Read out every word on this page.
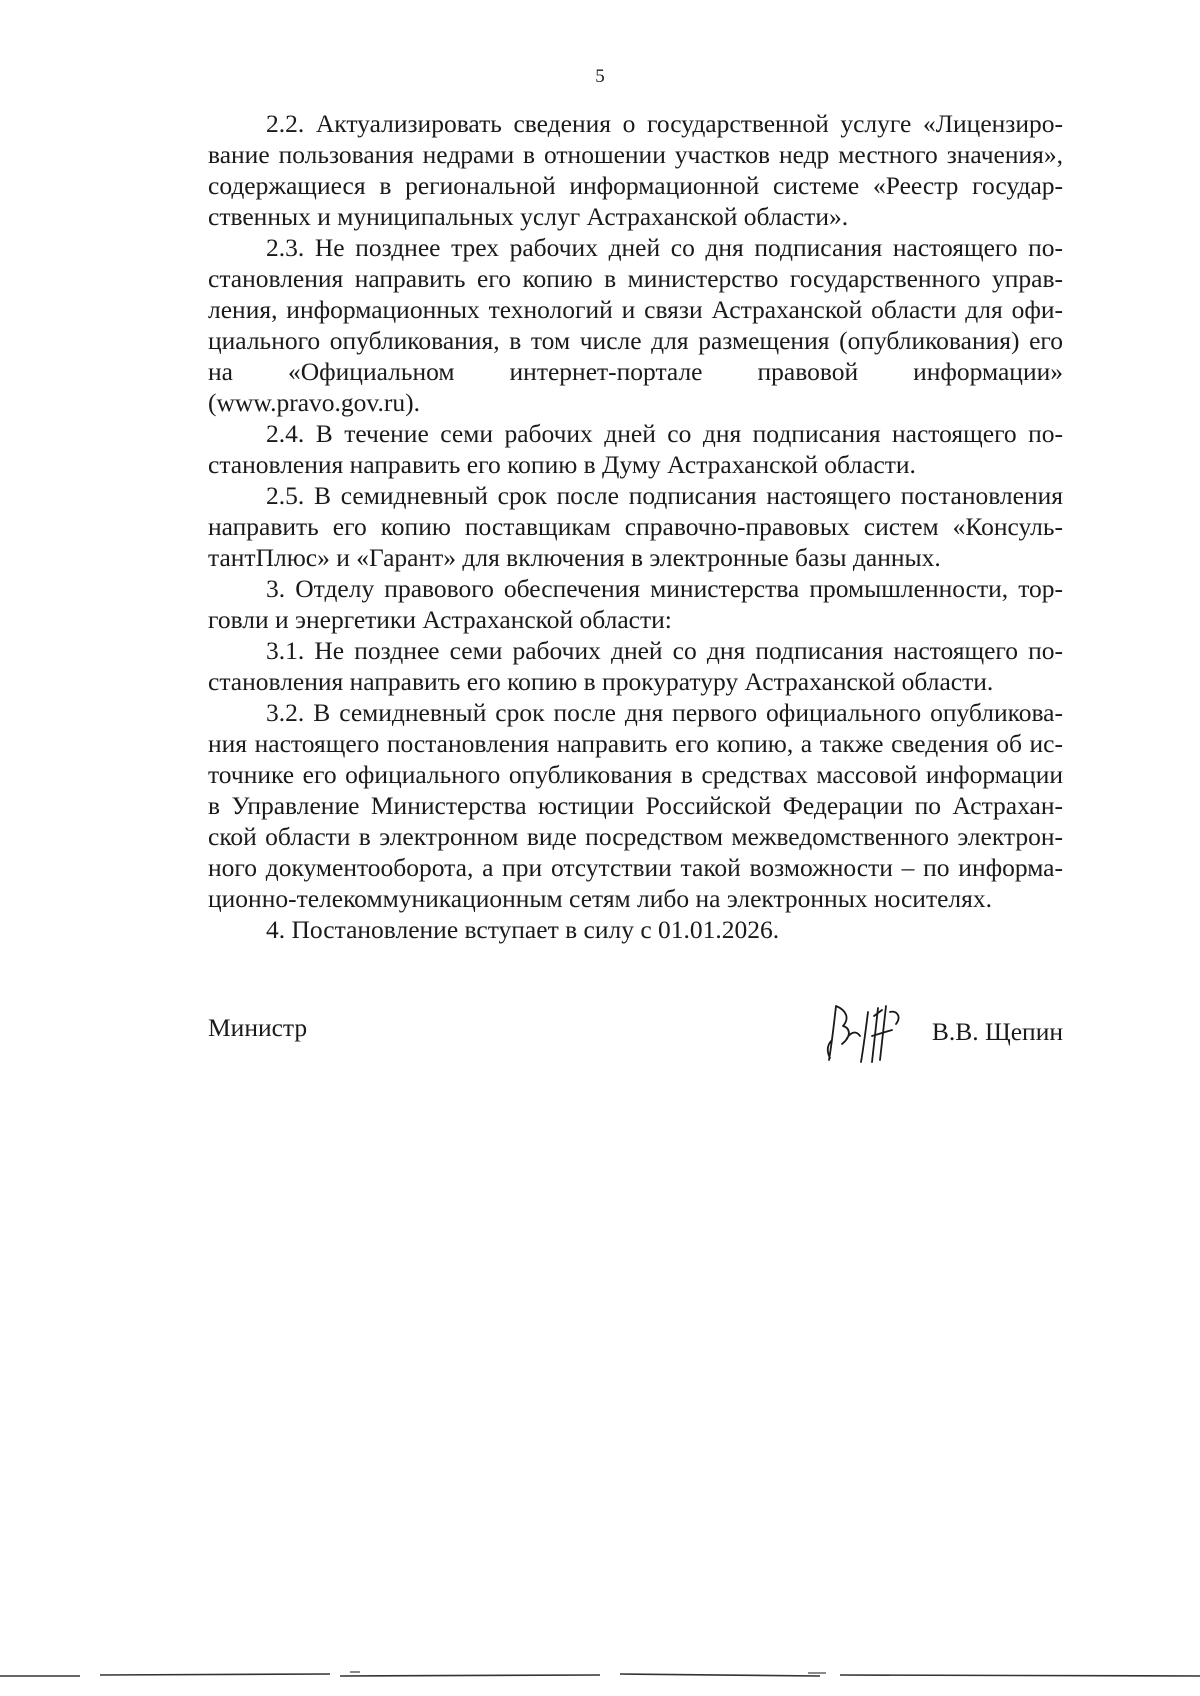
5
2.2. Актуализировать сведения о государственной услуге «Лицензиро-
вание пользования недрами в отношении участков недр местного значения»,
содержащиеся в региональной информационной системе «Реестр государ-
ственных и муниципальных услуг Астраханской области».
2.3. Не позднее трех рабочих дней со дня подписания настоящего по-
становления направить его копию в министерство государственного управ-
ления, информационных технологий и связи Астраханской области для офи-
циального опубликования, в том числе для размещения (опубликования) его
на «Официальном интернет-портале правовой информации»
(www.pravo.gov.ru).
2.4. В течение семи рабочих дней со дня подписания настоящего по-
становления направить его копию в Думу Астраханской области.
2.5. В семидневный срок после подписания настоящего постановления
направить его копию поставщикам справочно-правовых систем «Консуль-
тантПлюс» и «Гарант» для включения в электронные базы данных.
3. Отделу правового обеспечения министерства промышленности, тор-
говли и энергетики Астраханской области:
3.1. Не позднее семи рабочих дней со дня подписания настоящего по-
становления направить его копию в прокуратуру Астраханской области.
3.2. В семидневный срок после дня первого официального опубликова-
ния настоящего постановления направить его копию, а также сведения об ис-
точнике его официального опубликования в средствах массовой информации
в Управление Министерства юстиции Российской Федерации по Астрахан-
ской области в электронном виде посредством межведомственного электрон-
ного документооборота, а при отсутствии такой возможности – по информа-
ционно-телекоммуникационным сетям либо на электронных носителях.
4. Постановление вступает в силу с 01.01.2026.
Министр	В.В. Щепин
